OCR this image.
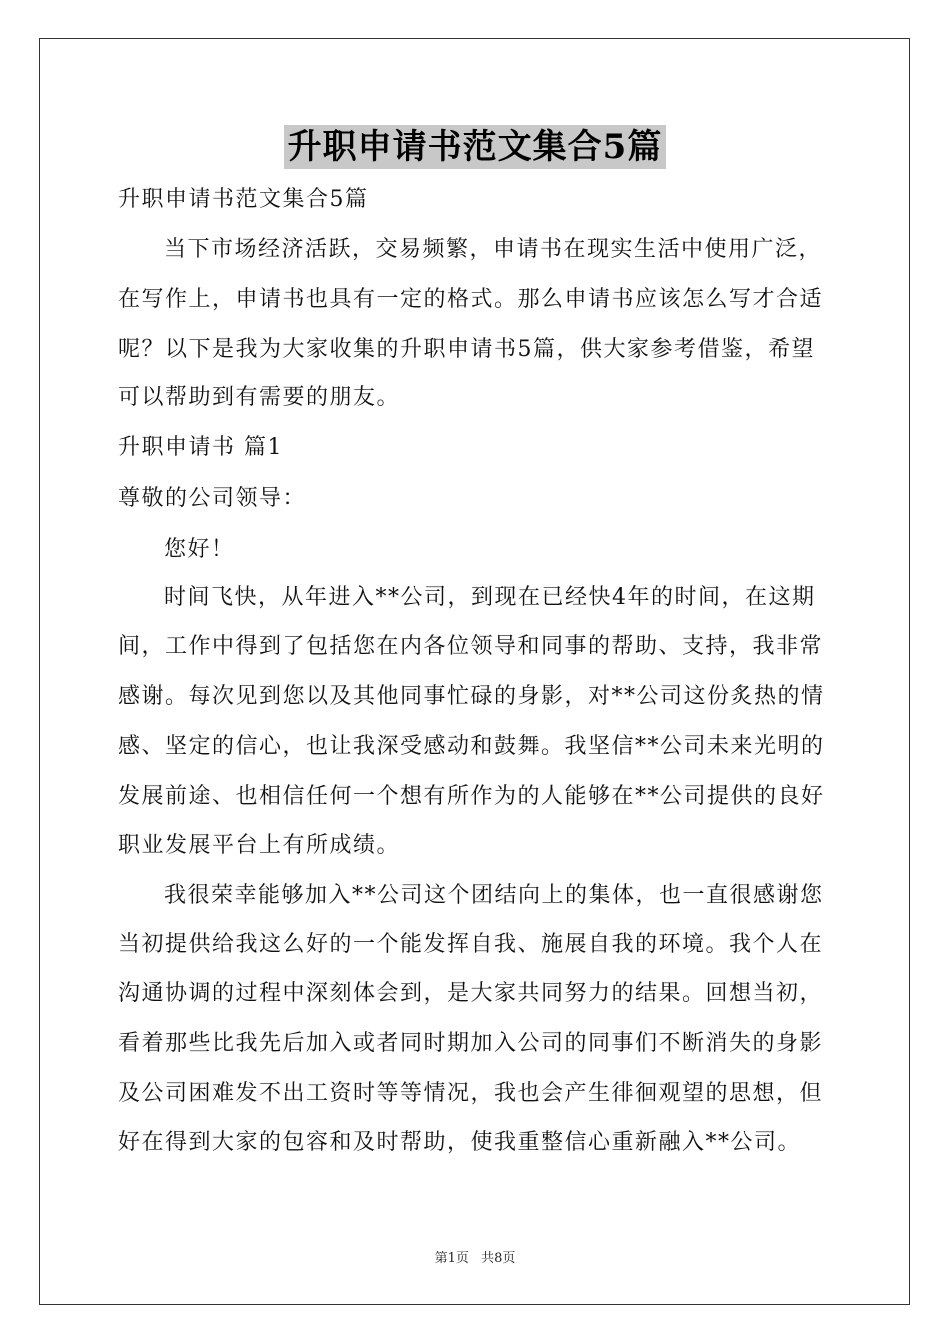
升职申请书范文集合5篇
升职申请书范文集合5篇
当下市场经济活跃，交易频繁，申请书在现实生活中使用广泛，
在写作上，申请书也具有一定的格式。那么申请书应该怎么写才合适
呢？以下是我为大家收集的升职申请书5篇，供大家参考借鉴，希望
可以帮助到有需要的朋友。
升职申请书 篇1
尊敬的公司领导：
您好！
时间飞快，从年进入**公司，到现在已经快4年的时间，在这期
间，工作中得到了包括您在内各位领导和同事的帮助、支持，我非常
感谢。每次见到您以及其他同事忙碌的身影，对**公司这份炙热的情
感、坚定的信心，也让我深受感动和鼓舞。我坚信**公司未来光明的
发展前途、也相信任何一个想有所作为的人能够在**公司提供的良好
职业发展平台上有所成绩。
我很荣幸能够加入**公司这个团结向上的集体，也一直很感谢您
当初提供给我这么好的一个能发挥自我、施展自我的环境。我个人在
沟通协调的过程中深刻体会到，是大家共同努力的结果。回想当初，
看着那些比我先后加入或者同时期加入公司的同事们不断消失的身影
及公司困难发不出工资时等等情况，我也会产生徘徊观望的思想，但
好在得到大家的包容和及时帮助，使我重整信心重新融入**公司。
第1页 共8页
